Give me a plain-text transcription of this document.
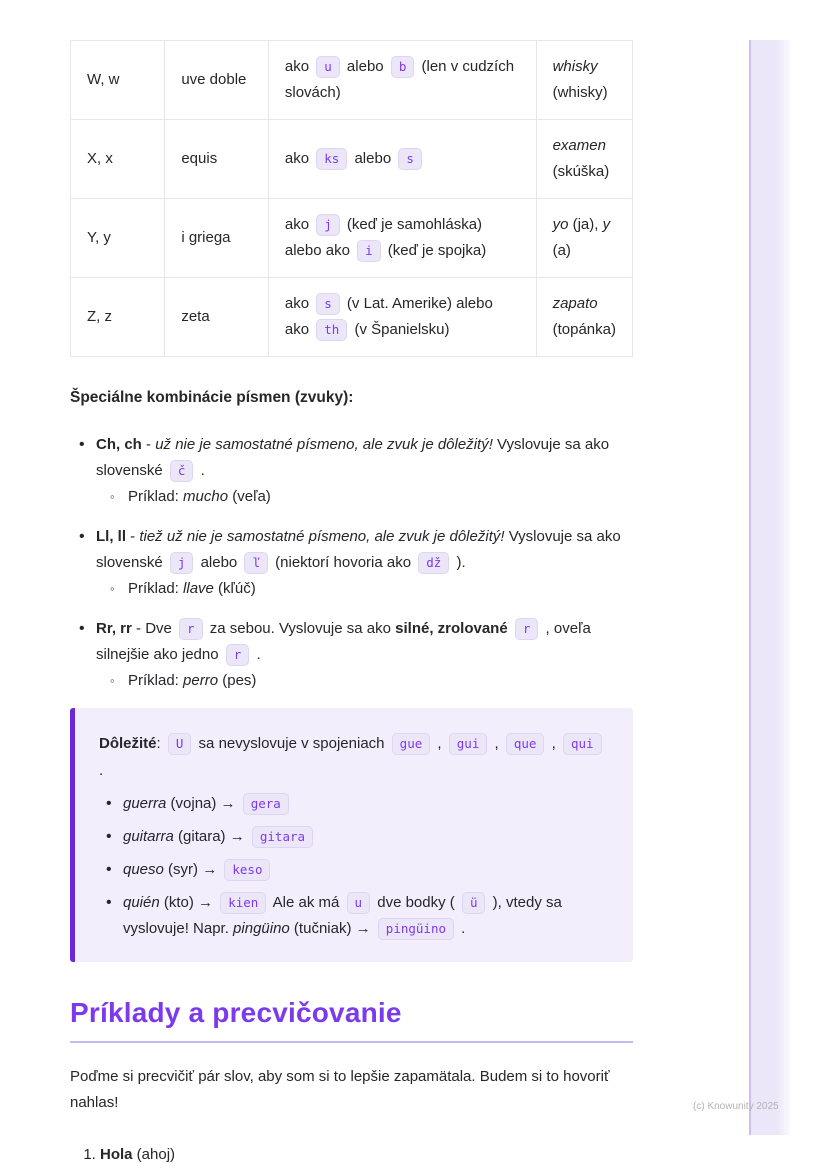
W, w	uve doble	ako u alebo b (len v cudzích slovách)	whisky (whisky)
X, x	equis	ako ks alebo s	examen (skúška)
Y, y	i griega	ako j (keď je samohláska) alebo ako i (keď je spojka)	yo (ja), y (a)
Z, z	zeta	ako s (v Lat. Amerike) alebo ako th (v Španielsku)	zapato (topánka)
Špeciálne kombinácie písmen (zvuky):
• Ch, ch - už nie je samostatné písmeno, ale zvuk je dôležitý! Vyslovuje sa ako slovenské č .
◦ Príklad: mucho (veľa)
• Ll, ll - tiež už nie je samostatné písmeno, ale zvuk je dôležitý! Vyslovuje sa ako slovenské j alebo ľ (niektorí hovoria ako dž ).
◦ Príklad: llave (kľúč)
• Rr, rr - Dve r za sebou. Vyslovuje sa ako silné, zrolované r , oveľa silnejšie ako jedno r .
◦ Príklad: perro (pes)

Dôležité: U sa nevyslovuje v spojeniach gue , gui , que , qui .

• guerra (vojna) → gera
• guitarra (gitara) → gitara
• queso (syr) → keso
• quién (kto) → kien Ale ak má u dve bodky ( ü ), vtedy sa vyslovuje! Napr. pingüino (tučniak) → pingüino .
Príklady a precvičovanie

Poďme si precvičiť pár slov, aby som si to lepšie zapamätala. Budem si to hovoriť nahlas!

1. Hola (ahoj)
(c) Knowunity 2025
